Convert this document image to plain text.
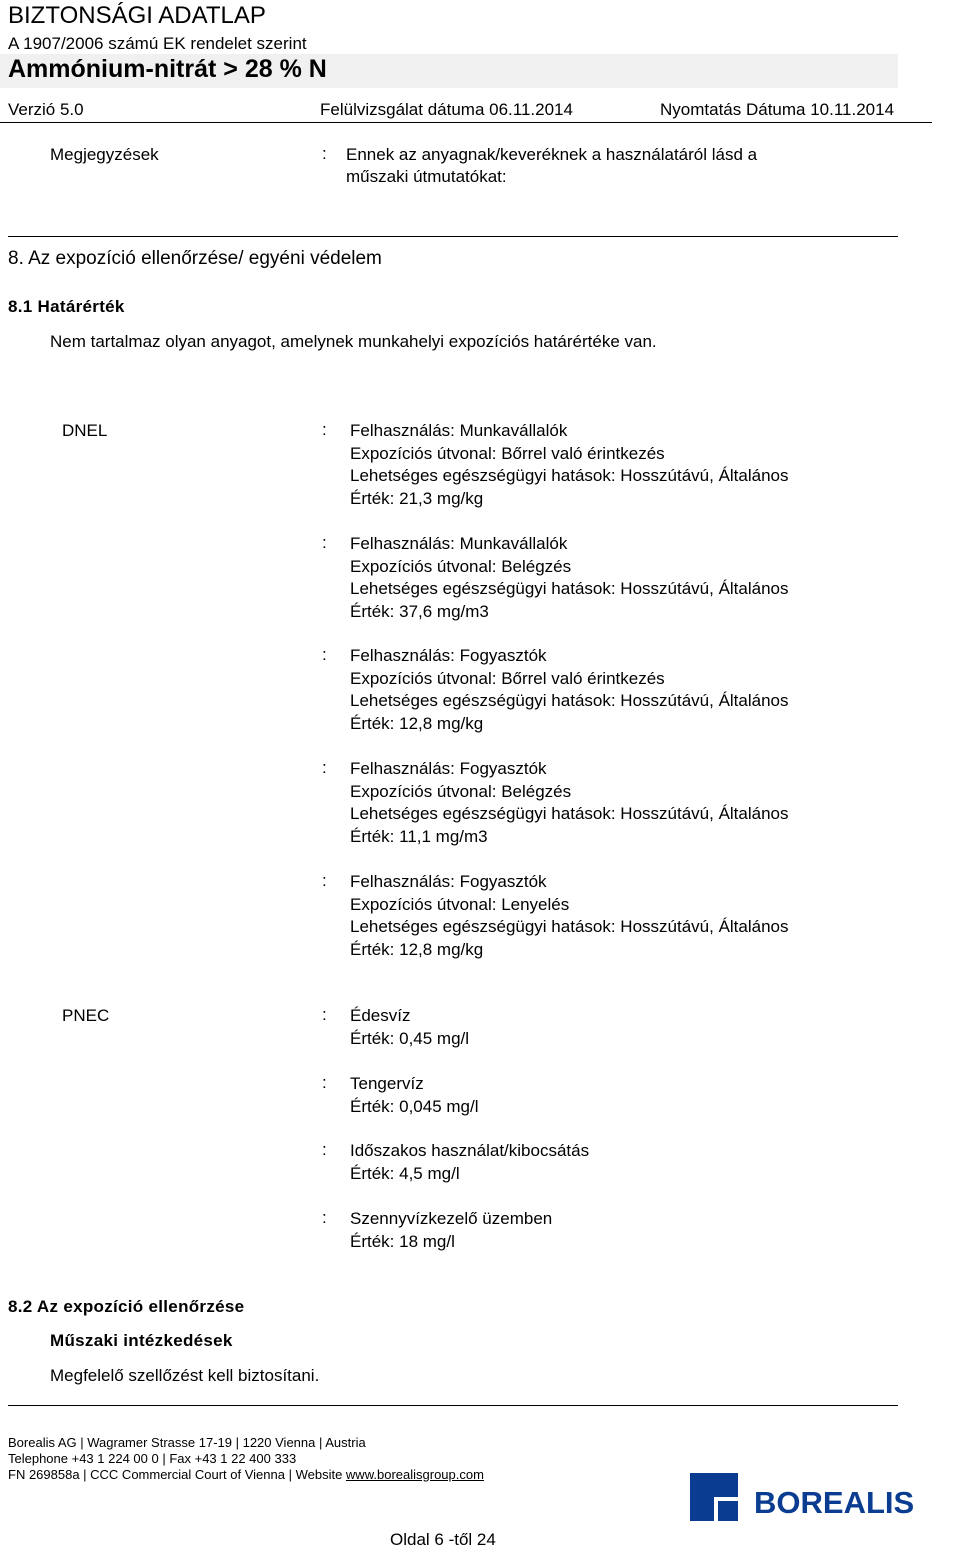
BIZTONSÁGI ADATLAP
A 1907/2006 számú EK rendelet szerint
Ammónium-nitrát > 28 % N
Verzió 5.0	Felülvizsgálat dátuma 06.11.2014	Nyomtatás Dátuma 10.11.2014
Megjegyzések	: Ennek az anyagnak/keveréknek a használatáról lásd a
műszaki útmutatókat:
8. Az expozíció ellenőrzése/ egyéni védelem
8.1 Határérték
Nem tartalmaz olyan anyagot, amelynek munkahelyi expozíciós határértéke van.
DNEL	: Felhasználás: Munkavállalók
Expozíciós útvonal: Bőrrel való érintkezés
Lehetséges egészségügyi hatások: Hosszútávú, Általános
Érték: 21,3 mg/kg
: Felhasználás: Munkavállalók
Expozíciós útvonal: Belégzés
Lehetséges egészségügyi hatások: Hosszútávú, Általános
Érték: 37,6 mg/m3
: Felhasználás: Fogyasztók
Expozíciós útvonal: Bőrrel való érintkezés
Lehetséges egészségügyi hatások: Hosszútávú, Általános
Érték: 12,8 mg/kg
: Felhasználás: Fogyasztók
Expozíciós útvonal: Belégzés
Lehetséges egészségügyi hatások: Hosszútávú, Általános
Érték: 11,1 mg/m3
: Felhasználás: Fogyasztók
Expozíciós útvonal: Lenyelés
Lehetséges egészségügyi hatások: Hosszútávú, Általános
Érték: 12,8 mg/kg
PNEC	: Édesvíz
Érték: 0,45 mg/l
: Tengervíz
Érték: 0,045 mg/l
: Időszakos használat/kibocsátás
Érték: 4,5 mg/l
: Szennyvízkezelő üzemben
Érték: 18 mg/l
8.2 Az expozíció ellenőrzése
Műszaki intézkedések
Megfelelő szellőzést kell biztosítani.
Borealis AG | Wagramer Strasse 17-19 | 1220 Vienna | Austria
Telephone +43 1 224 00 0 | Fax +43 1 22 400 333
FN 269858a | CCC Commercial Court of Vienna | Website www.borealisgroup.com
BOREALIS
Oldal 6 -től 24
